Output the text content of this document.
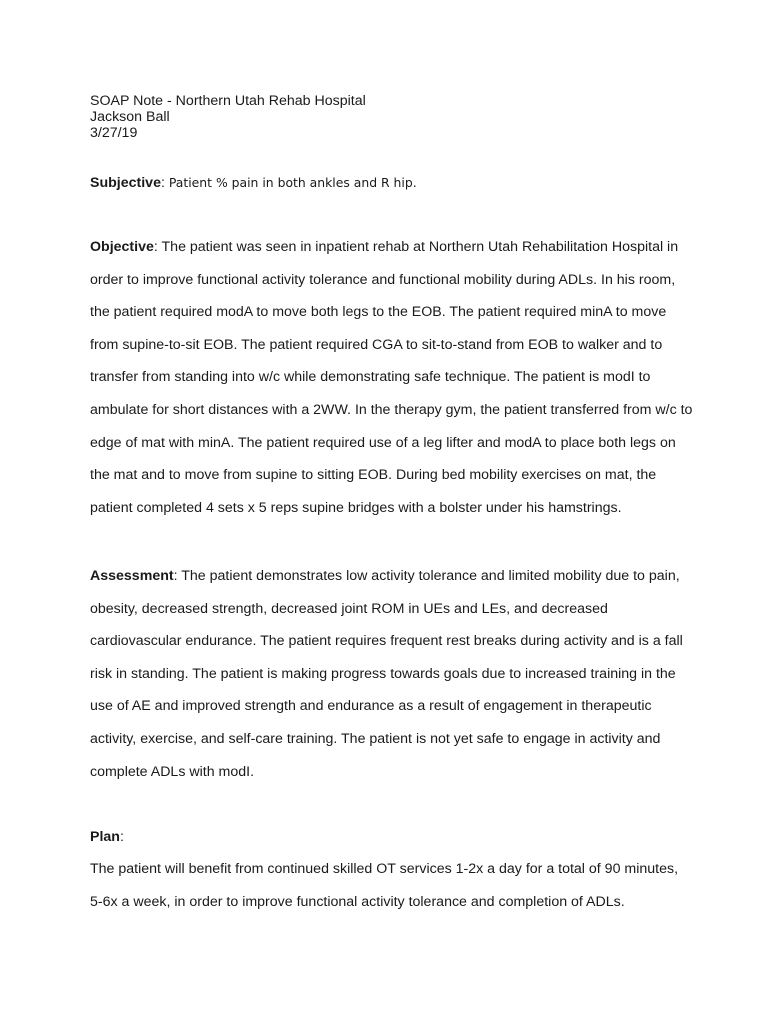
SOAP Note - Northern Utah Rehab Hospital
Jackson Ball
3/27/19
Subjective: Patient % pain in both ankles and R hip.
Objective: The patient was seen in inpatient rehab at Northern Utah Rehabilitation Hospital in
order to improve functional activity tolerance and functional mobility during ADLs. In his room,
the patient required modA to move both legs to the EOB. The patient required minA to move
from supine-to-sit EOB. The patient required CGA to sit-to-stand from EOB to walker and to
transfer from standing into w/c while demonstrating safe technique. The patient is modI to
ambulate for short distances with a 2WW. In the therapy gym, the patient transferred from w/c to
edge of mat with minA. The patient required use of a leg lifter and modA to place both legs on
the mat and to move from supine to sitting EOB. During bed mobility exercises on mat, the
patient completed 4 sets x 5 reps supine bridges with a bolster under his hamstrings.
Assessment: The patient demonstrates low activity tolerance and limited mobility due to pain,
obesity, decreased strength, decreased joint ROM in UEs and LEs, and decreased
cardiovascular endurance. The patient requires frequent rest breaks during activity and is a fall
risk in standing. The patient is making progress towards goals due to increased training in the
use of AE and improved strength and endurance as a result of engagement in therapeutic
activity, exercise, and self-care training. The patient is not yet safe to engage in activity and
complete ADLs with modI.
Plan:
The patient will benefit from continued skilled OT services 1-2x a day for a total of 90 minutes,
5-6x a week, in order to improve functional activity tolerance and completion of ADLs.
